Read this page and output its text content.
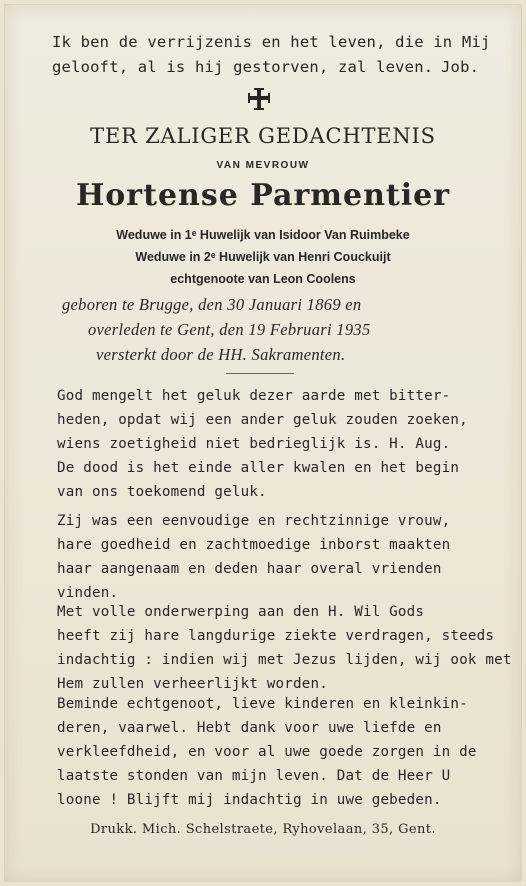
Ik ben de verrijzenis en het leven, die in Mij
gelooft, al is hij gestorven, zal leven. Job.
TER ZALIGER GEDACHTENIS
VAN MEVROUW
Hortense Parmentier
Weduwe in 1ᵉ Huwelijk van Isidoor Van Ruimbeke
Weduwe in 2ᵉ Huwelijk van Henri Couckuijt
echtgenoote van Leon Coolens
geboren te Brugge, den 30 Januari 1869 en
overleden te Gent, den 19 Februari 1935
versterkt door de HH. Sakramenten.
God mengelt het geluk dezer aarde met bitter-
heden, opdat wij een ander geluk zouden zoeken,
wiens zoetigheid niet bedrieglijk is. H. Aug.
De dood is het einde aller kwalen en het begin
van ons toekomend geluk.
Zij was een eenvoudige en rechtzinnige vrouw,
hare goedheid en zachtmoedige inborst maakten
haar aangenaam en deden haar overal vrienden
vinden.
Met volle onderwerping aan den H. Wil Gods
heeft zij hare langdurige ziekte verdragen, steeds
indachtig : indien wij met Jezus lijden, wij ook met
Hem zullen verheerlijkt worden.
Beminde echtgenoot, lieve kinderen en kleinkin-
deren, vaarwel. Hebt dank voor uwe liefde en
verkleefdheid, en voor al uwe goede zorgen in de
laatste stonden van mijn leven. Dat de Heer U
loone ! Blijft mij indachtig in uwe gebeden.
Drukk. Mich. Schelstraete, Ryhovelaan, 35, Gent.
